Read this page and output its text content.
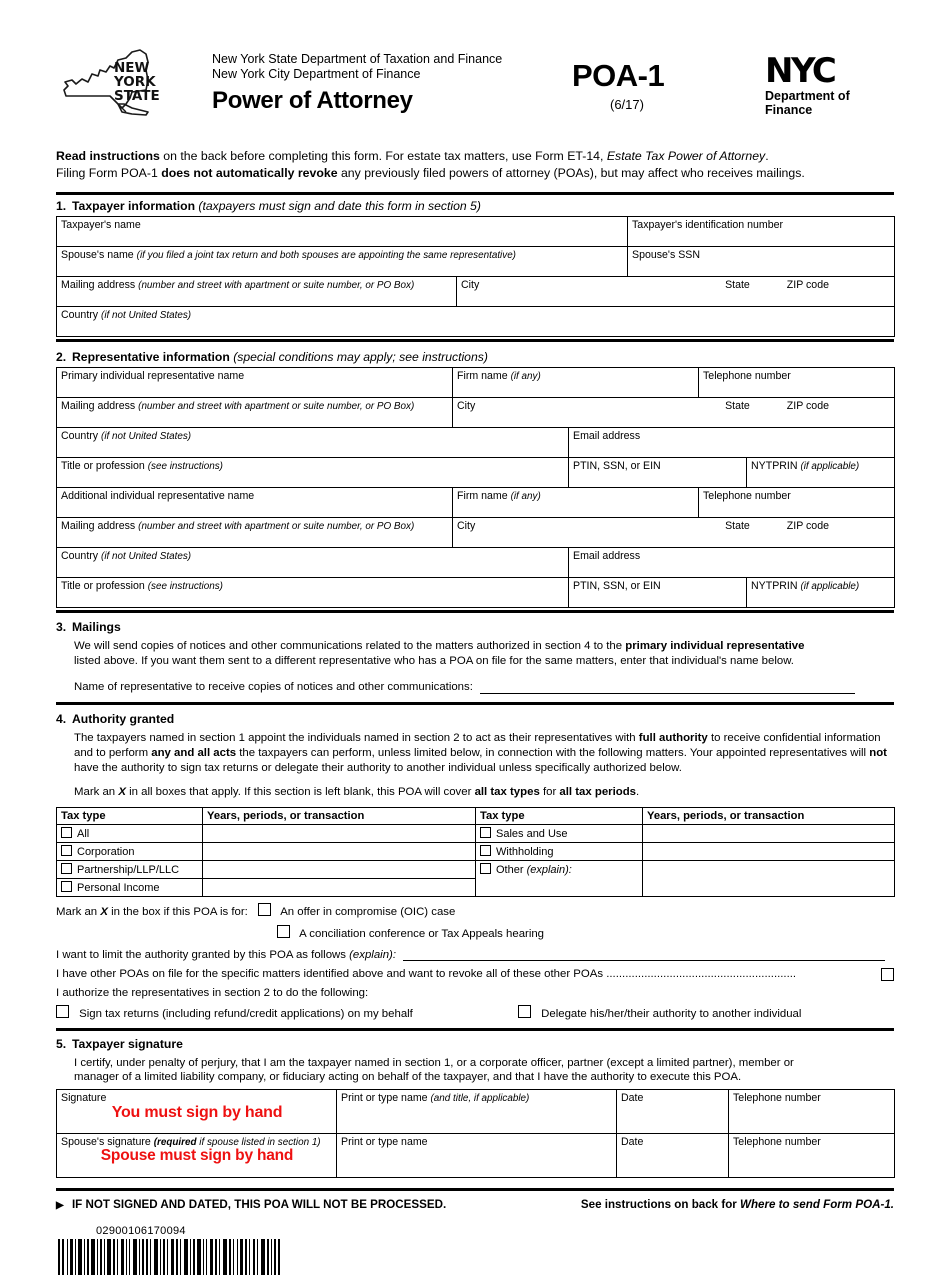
NEW
YORK
STATE
New York State Department of Taxation and Finance
New York City Department of Finance
Power of Attorney
POA-1
(6/17)
NYC
Department of Finance
Read instructions on the back before completing this form. For estate tax matters, use Form ET-14, Estate Tax Power of Attorney.
Filing Form POA-1 does not automatically revoke any previously filed powers of attorney (POAs), but may affect who receives mailings.
1. Taxpayer information (taxpayers must sign and date this form in section 5)
Taxpayer's name	Taxpayer's identification number
Spouse's name (if you filed a joint tax return and both spouses are appointing the same representative)	Spouse's SSN
Mailing address (number and street with apartment or suite number, or PO Box)	City	State	ZIP code
Country (if not United States)
2. Representative information (special conditions may apply; see instructions)
Primary individual representative name	Firm name (if any)	Telephone number
Mailing address (number and street with apartment or suite number, or PO Box)	City	State	ZIP code
Country (if not United States)	Email address
Title or profession (see instructions)	PTIN, SSN, or EIN	NYTPRIN (if applicable)
Additional individual representative name	Firm name (if any)	Telephone number
Mailing address (number and street with apartment or suite number, or PO Box)	City	State	ZIP code
Country (if not United States)	Email address
Title or profession (see instructions)	PTIN, SSN, or EIN	NYTPRIN (if applicable)
3. Mailings
We will send copies of notices and other communications related to the matters authorized in section 4 to the primary individual representative
listed above. If you want them sent to a different representative who has a POA on file for the same matters, enter that individual's name below.
Name of representative to receive copies of notices and other communications:
4. Authority granted
The taxpayers named in section 1 appoint the individuals named in section 2 to act as their representatives with full authority to receive confidential information and to perform any and all acts the taxpayers can perform, unless limited below, in connection with the following matters. Your appointed representatives will not have the authority to sign tax returns or delegate their authority to another individual unless specifically authorized below.
Mark an X in all boxes that apply. If this section is left blank, this POA will cover all tax types for all tax periods.
Tax type	Years, periods, or transaction	Tax type	Years, periods, or transaction
All		Sales and Use	
Corporation		Withholding	
Partnership/LLP/LLC		Other (explain):	
Personal Income			
Mark an X in the box if this POA is for:	An offer in compromise (OIC) case
A conciliation conference or Tax Appeals hearing
I want to limit the authority granted by this POA as follows (explain):
I have other POAs on file for the specific matters identified above and want to revoke all of these other POAs ............................................................
I authorize the representatives in section 2 to do the following:
Sign tax returns (including refund/credit applications) on my behalf	Delegate his/her/their authority to another individual
5. Taxpayer signature
I certify, under penalty of perjury, that I am the taxpayer named in section 1, or a corporate officer, partner (except a limited partner), member or
manager of a limited liability company, or fiduciary acting on behalf of the taxpayer, and that I have the authority to execute this POA.
Signature
You must sign by hand	Print or type name (and title, if applicable)	Date	Telephone number
Spouse's signature (required if spouse listed in section 1)
Spouse must sign by hand	Print or type name	Date	Telephone number
▶ IF NOT SIGNED AND DATED, THIS POA WILL NOT BE PROCESSED.	See instructions on back for Where to send Form POA-1.
02900106170094
